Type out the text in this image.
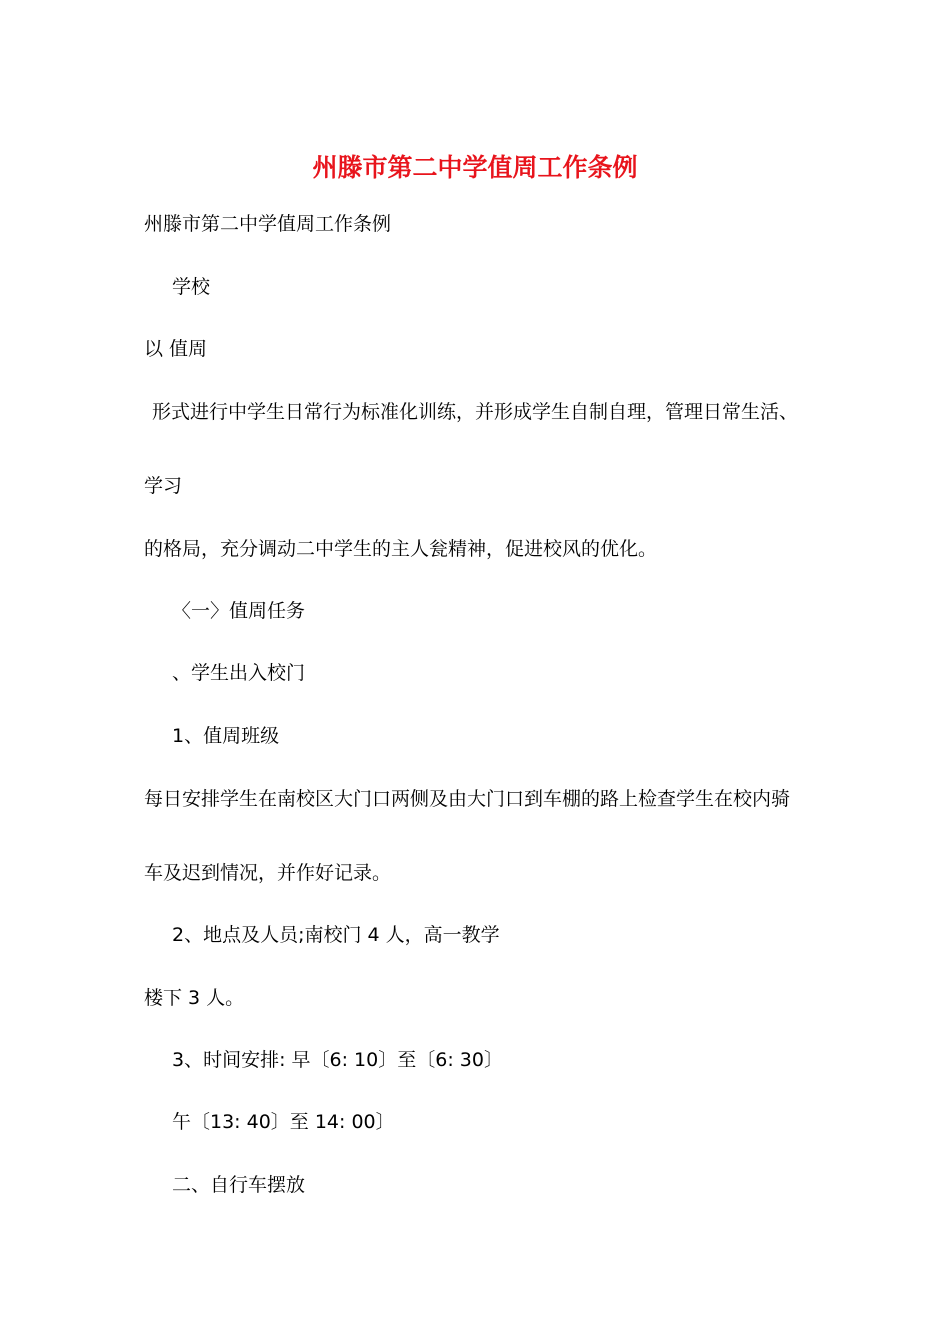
州滕市第二中学值周工作条例
州滕市第二中学值周工作条例
学校
以 值周
形式进行中学生日常行为标准化训练，并形成学生自制自理，管理日常生活、
学习
的格局，充分调动二中学生的主人瓮精神，促进校风的优化。
〈一〉值周任务
、学生出入校门
1、值周班级
每日安排学生在南校区大门口两侧及由大门口到车棚的路上检查学生在校内骑
车及迟到情况，并作好记录。
2、地点及人员;南校门 4 人，高一教学
楼下 3 人。
3、时间安排: 早〔6: 10〕至〔6: 30〕
午〔13: 40〕至 14: 00〕
二、自行车摆放
